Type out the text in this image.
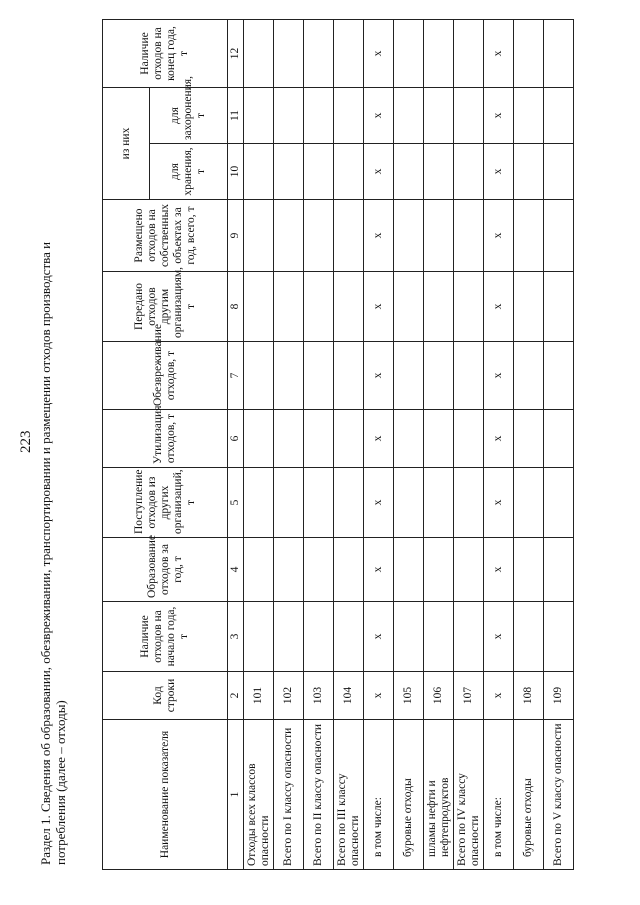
223 Раздел 1. Сведения об образовании, обезвреживании, транспортировании и размещении отходов производства и потребления (далее – отходы)	Наименование показателя	Код строки	Наличие отходов на начало года, т	Образование отходов за год, т	Поступление отходов из других организаций, т	Утилизация отходов, т	Обезвреживание отходов, т	Передано отходов другим организациям, т	Размещено отходов на собственных объектах за год, всего, т	из них		Наличие отходов на конец года, т
									для хранения, т	для захоронения, т	
1	2	3	4	5	6	7	8	9	10	11	12
Отходы всех классов опасности	101										
Всего по I классу опасности	102										
Всего по II классу опасности	103										
Всего по III классу опасности	104										
в том числе:	х	х	х	х	х	х	х	х	х	х	х
буровые отходы	105										
шламы нефти и нефтепродуктов	106										
Всего по IV классу опасности	107										
в том числе:	х	х	х	х	х	х	х	х	х	х	х
буровые отходы	108										
Всего по V классу опасности	109										
